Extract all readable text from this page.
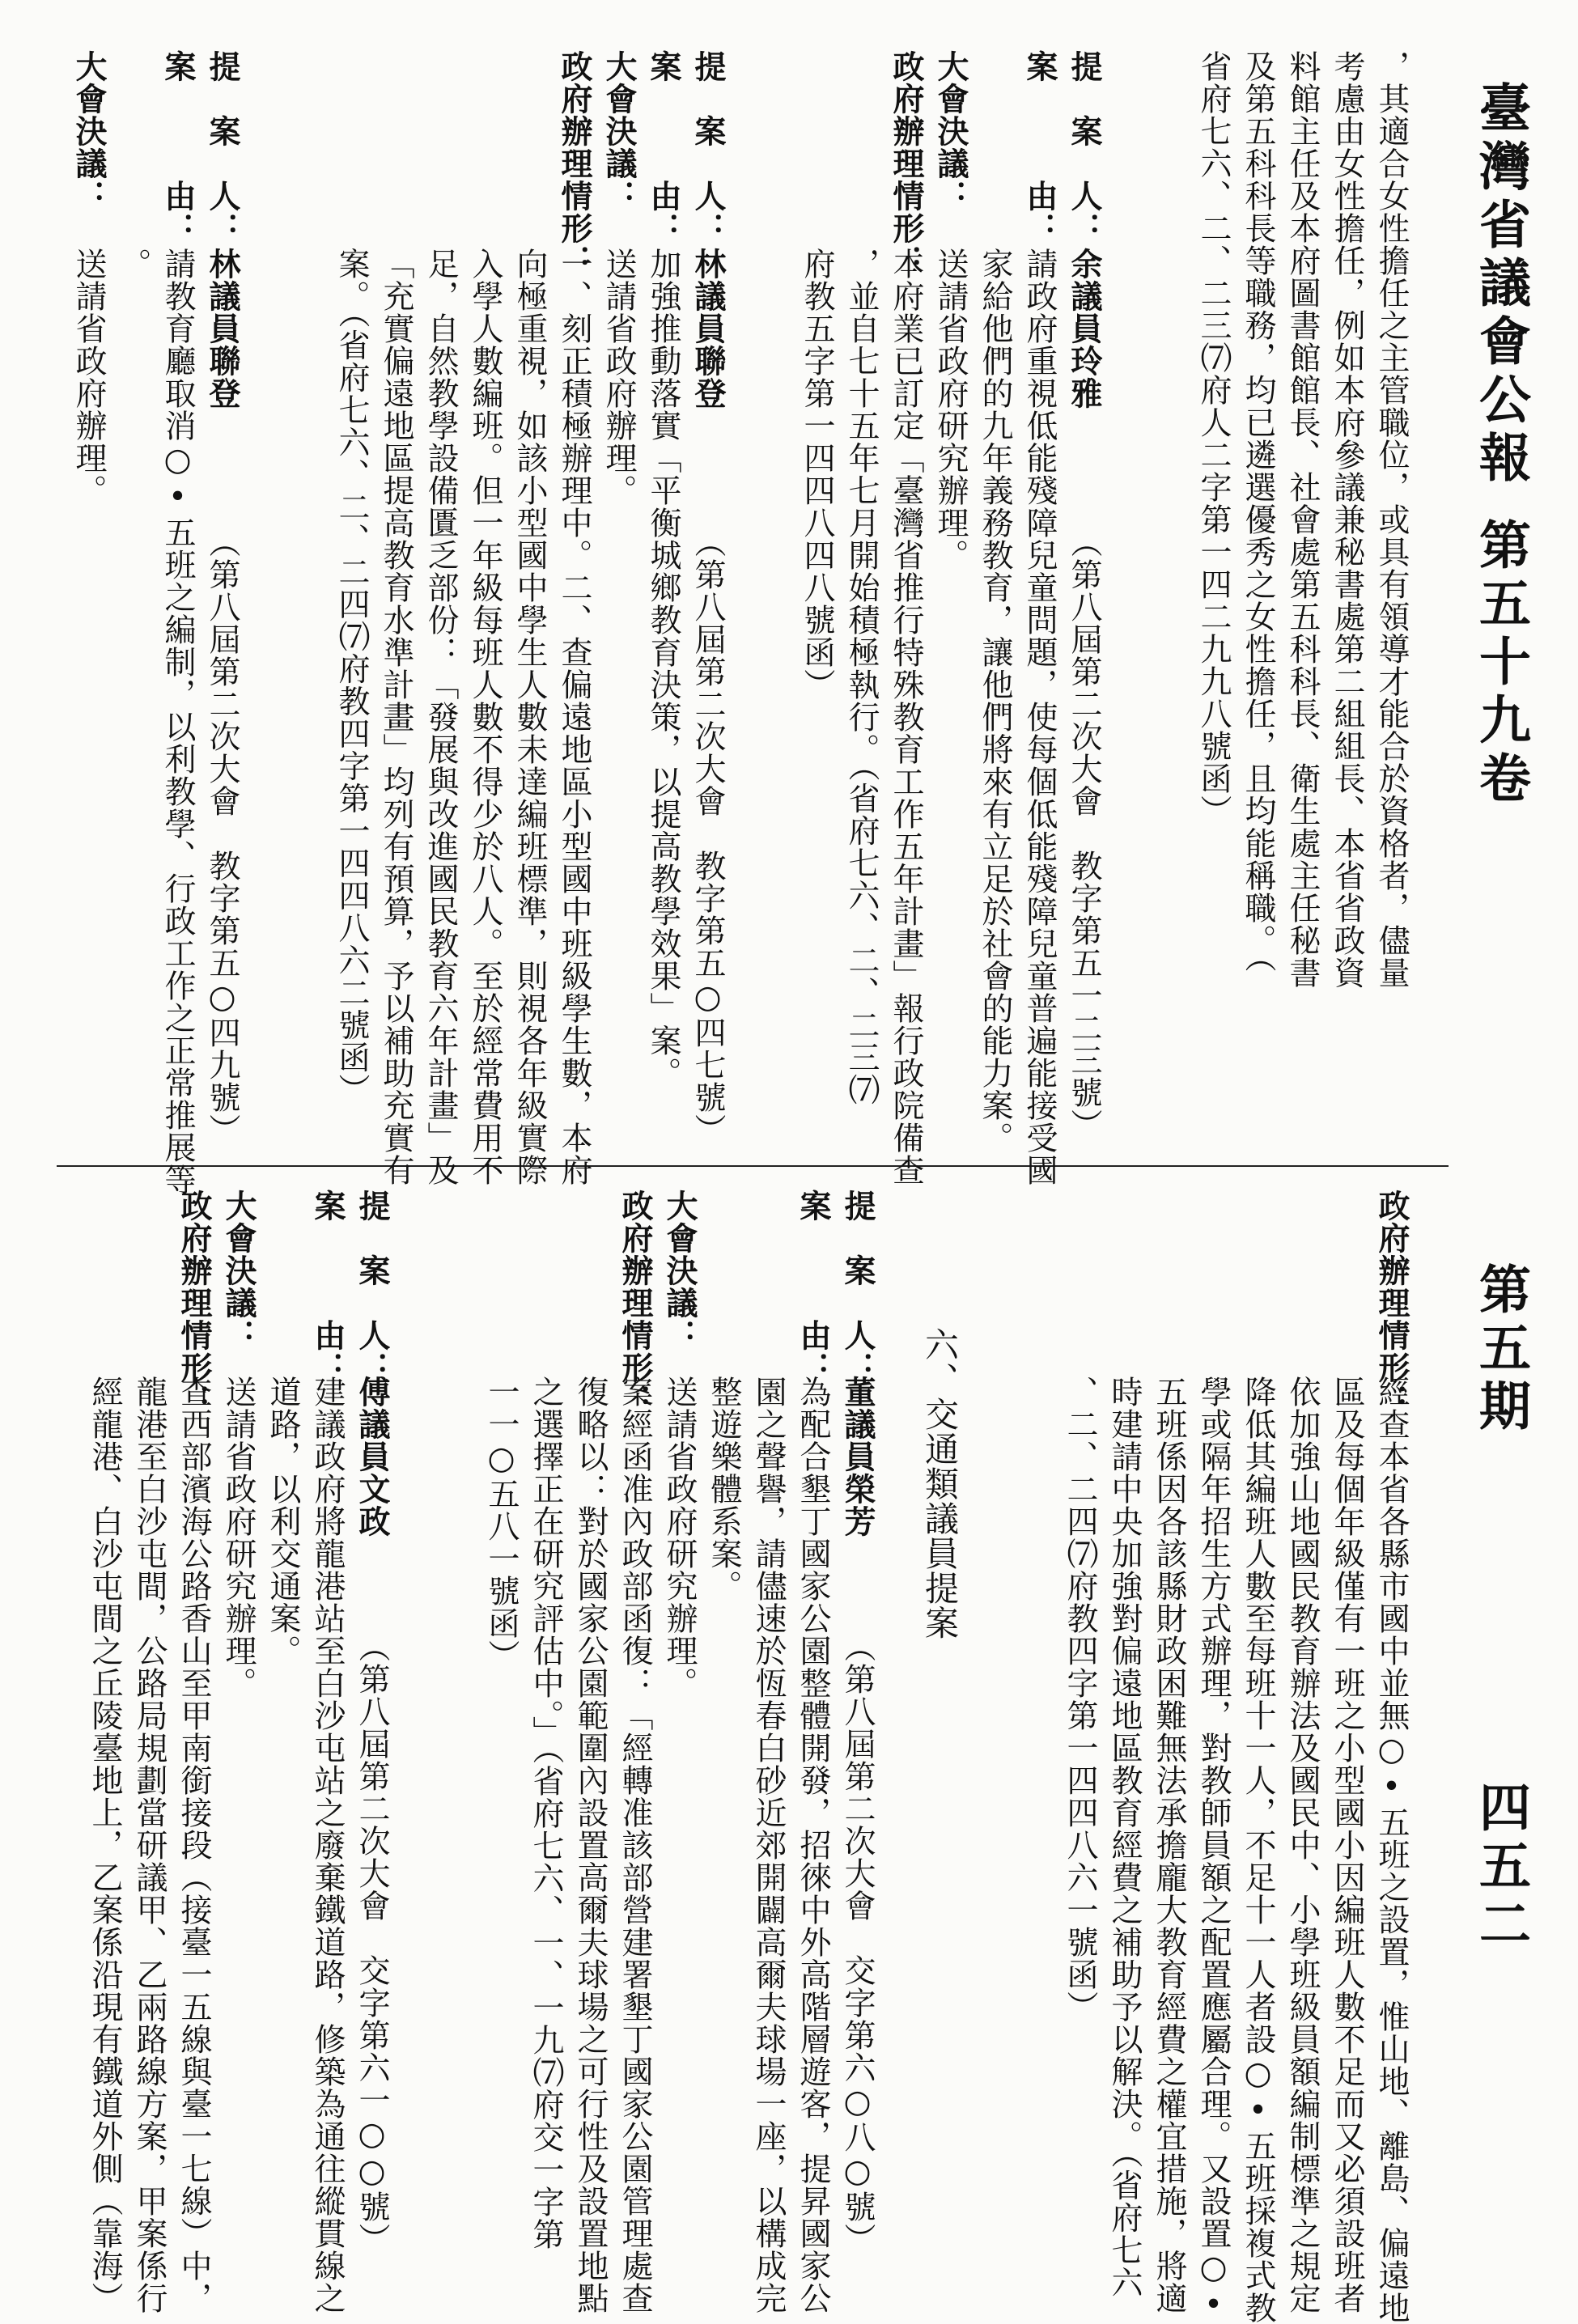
臺灣省議會公報
第五十九卷
第五期
四五二
，其適合女性擔任之主管職位，或具有領導才能合於資格者，儘量
考慮由女性擔任，例如本府參議兼秘書處第二組組長、本省省政資
料館主任及本府圖書館館長、社會處第五科科長、衛生處主任秘書
及第五科科長等職務，均已遴選優秀之女性擔任，且均能稱職。（
省府七六、二、二三⑺府人二字第一四二九九八號函）
提　案　人：
余議員玲雅
（第八屆第二次大會　教字第五一二三號）
案　　　由：
請政府重視低能殘障兒童問題，使每個低能殘障兒童普遍能接受國
家給他們的九年義務教育，讓他們將來有立足於社會的能力案。
大會決議：
送請省政府研究辦理。
政府辦理情形：
本府業已訂定「臺灣省推行特殊教育工作五年計畫」報行政院備查
，並自七十五年七月開始積極執行。（省府七六、二、二三⑺
府教五字第一四四八四八號函）
提　案　人：
林議員聯登
（第八屆第二次大會　教字第五○四七號）
案　　　由：
加強推動落實「平衡城鄉教育決策，以提高教學效果」案。
大會決議：
送請省政府辦理。
政府辦理情形：
一、刻正積極辦理中。二、查偏遠地區小型國中班級學生數，本府
向極重視，如該小型國中學生人數未達編班標準，則視各年級實際
入學人數編班。但一年級每班人數不得少於八人。至於經常費用不
足，自然教學設備匱乏部份：「發展與改進國民教育六年計畫」及
「充實偏遠地區提高教育水準計畫」均列有預算，予以補助充實有
案。（省府七六、二、二四⑺府教四字第一四四八六二號函）
提　案　人：
林議員聯登
（第八屆第二次大會　教字第五○四九號）
案　　　由：
請教育廳取消○•五班之編制，以利教學、行政工作之正常推展等
。
大會決議：
送請省政府辦理。
政府辦理情形：
經查本省各縣市國中並無○•五班之設置，惟山地、離島、偏遠地
區及每個年級僅有一班之小型國小因編班人數不足而又必須設班者
依加強山地國民教育辦法及國民中、小學班級員額編制標準之規定
降低其編班人數至每班十一人，不足十一人者設○•五班採複式教
學或隔年招生方式辦理，對教師員額之配置應屬合理。又設置○•
五班係因各該縣財政困難無法承擔龐大教育經費之權宜措施，將適
時建請中央加強對偏遠地區教育經費之補助予以解決。（省府七六
、二、二四⑺府教四字第一四四八六一號函）
六、交通類議員提案
提　案　人：
董議員榮芳
（第八屆第二次大會　交字第六○八○號）
案　　　由：
為配合墾丁國家公園整體開發，招徠中外高階層遊客，提昇國家公
園之聲譽，請儘速於恆春白砂近郊開闢高爾夫球場一座，以構成完
整遊樂體系案。
大會決議：
送請省政府研究辦理。
政府辦理情形：
案經函准內政部函復：「經轉准該部營建署墾丁國家公園管理處查
復略以：對於國家公園範圍內設置高爾夫球場之可行性及設置地點
之選擇正在研究評估中。」（省府七六、一、一九⑺府交一字第
一一○五八一號函）
提　案　人：
傅議員文政
（第八屆第二次大會　交字第六一○○號）
案　　　由：
建議政府將龍港站至白沙屯站之廢棄鐵道路，修築為通往縱貫線之
道路，以利交通案。
大會決議：
送請省政府研究辦理。
政府辦理情形：
查西部濱海公路香山至甲南銜接段（接臺一五線與臺一七線）中，
龍港至白沙屯間，公路局規劃當研議甲、乙兩路線方案，甲案係行
經龍港、白沙屯間之丘陵臺地上，乙案係沿現有鐵道外側（靠海）
